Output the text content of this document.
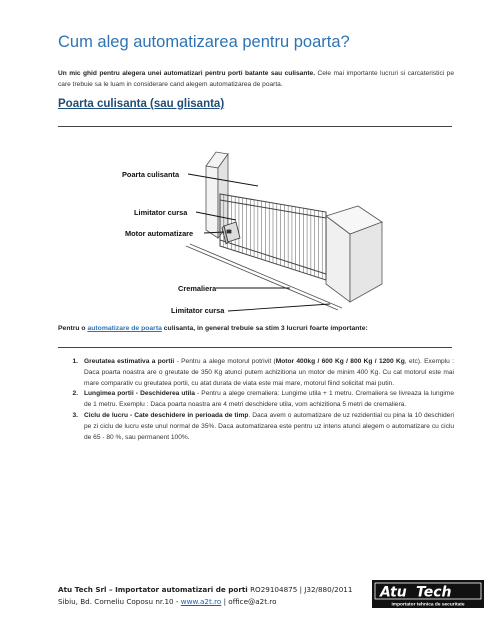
Cum aleg automatizarea pentru poarta?

Un mic ghid pentru alegera unei automatizari pentru porti batante sau culisante. Cele mai importante lucruri si carcateristici pe care trebuie sa le luam in considerare cand alegem automatizarea de poarta.

Poarta culisanta (sau glisanta)
Poarta culisanta
Limitator cursa
Motor automatizare
Cremaliera
Limitator cursa

Pentru o automatizare de poarta culisanta, in general trebuie sa stim 3 lucruri foarte importante:

1. Greutatea estimativa a portii - Pentru a alege motorul potrivit (Motor 400kg / 600 Kg / 800 Kg / 1200 Kg, etc). Exemplu : Daca poarta noastra are o greutate de 350 Kg atunci putem achizitiona un motor de minim 400 Kg. Cu cat motorul este mai mare comparativ cu greutatea portii, cu atat durata de viata este mai mare, motorul fiind solicitat mai putin.
2. Lungimea portii - Deschiderea utila - Pentru a alege cremaliera: Lungime utila + 1 metru. Cremaliera se livreaza la lungime de 1 metru. Exemplu : Daca poarta noastra are 4 metri deschidere utila, vom achizitiona 5 metri de cremaliera.
3. Ciclu de lucru - Cate deschidere in perioada de timp. Daca avem o automatizare de uz rezidential cu pina la 10 deschideri pe zi ciclu de lucru este unul normal de 35%. Daca automatizarea este pentru uz intens atunci alegem o automatizare cu ciclu de 65 - 80 %, sau permanent 100%.
Atu Tech Srl – Importator automatizari de porti RO29104875 | J32/880/2011
Sibiu, Bd. Corneliu Coposu nr.10 - www.a2t.ro | office@a2t.ro
Atu Tech
Importator tehnica de securitate
